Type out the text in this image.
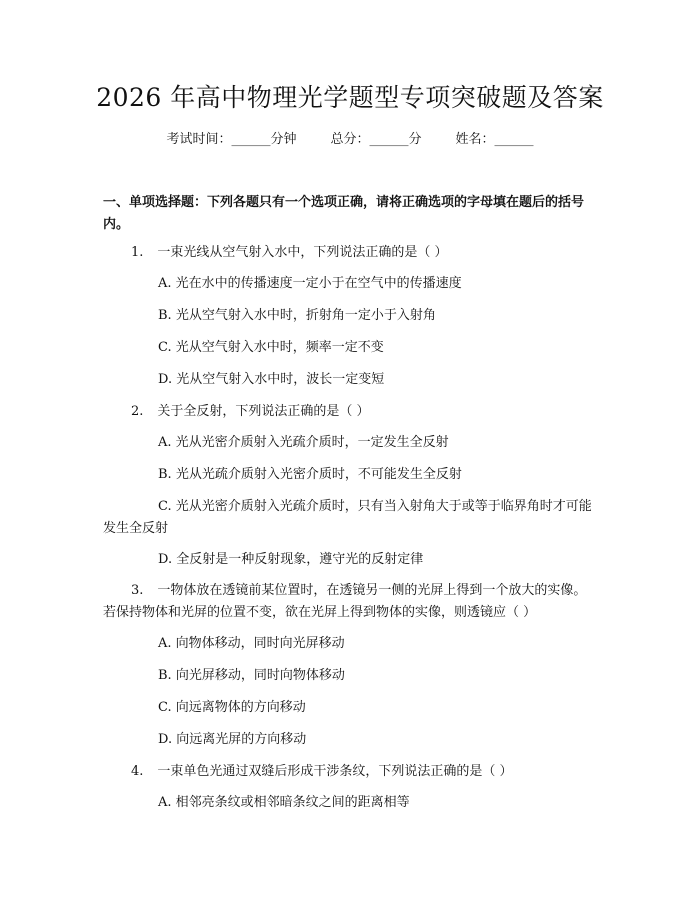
2026 年高中物理光学题型专项突破题及答案
考试时间：______分钟	总分：______分	姓名：______
一、单项选择题：下列各题只有一个选项正确，请将正确选项的字母填在题后的括号内。
1. 一束光线从空气射入水中，下列说法正确的是（ ）
A. 光在水中的传播速度一定小于在空气中的传播速度
B. 光从空气射入水中时，折射角一定小于入射角
C. 光从空气射入水中时，频率一定不变
D. 光从空气射入水中时，波长一定变短
2. 关于全反射，下列说法正确的是（ ）
A. 光从光密介质射入光疏介质时，一定发生全反射
B. 光从光疏介质射入光密介质时，不可能发生全反射
C. 光从光密介质射入光疏介质时，只有当入射角大于或等于临界角时才可能发生全反射
D. 全反射是一种反射现象，遵守光的反射定律
3. 一物体放在透镜前某位置时，在透镜另一侧的光屏上得到一个放大的实像。若保持物体和光屏的位置不变，欲在光屏上得到物体的实像，则透镜应（ ）
A. 向物体移动，同时向光屏移动
B. 向光屏移动，同时向物体移动
C. 向远离物体的方向移动
D. 向远离光屏的方向移动
4. 一束单色光通过双缝后形成干涉条纹，下列说法正确的是（ ）
A. 相邻亮条纹或相邻暗条纹之间的距离相等
